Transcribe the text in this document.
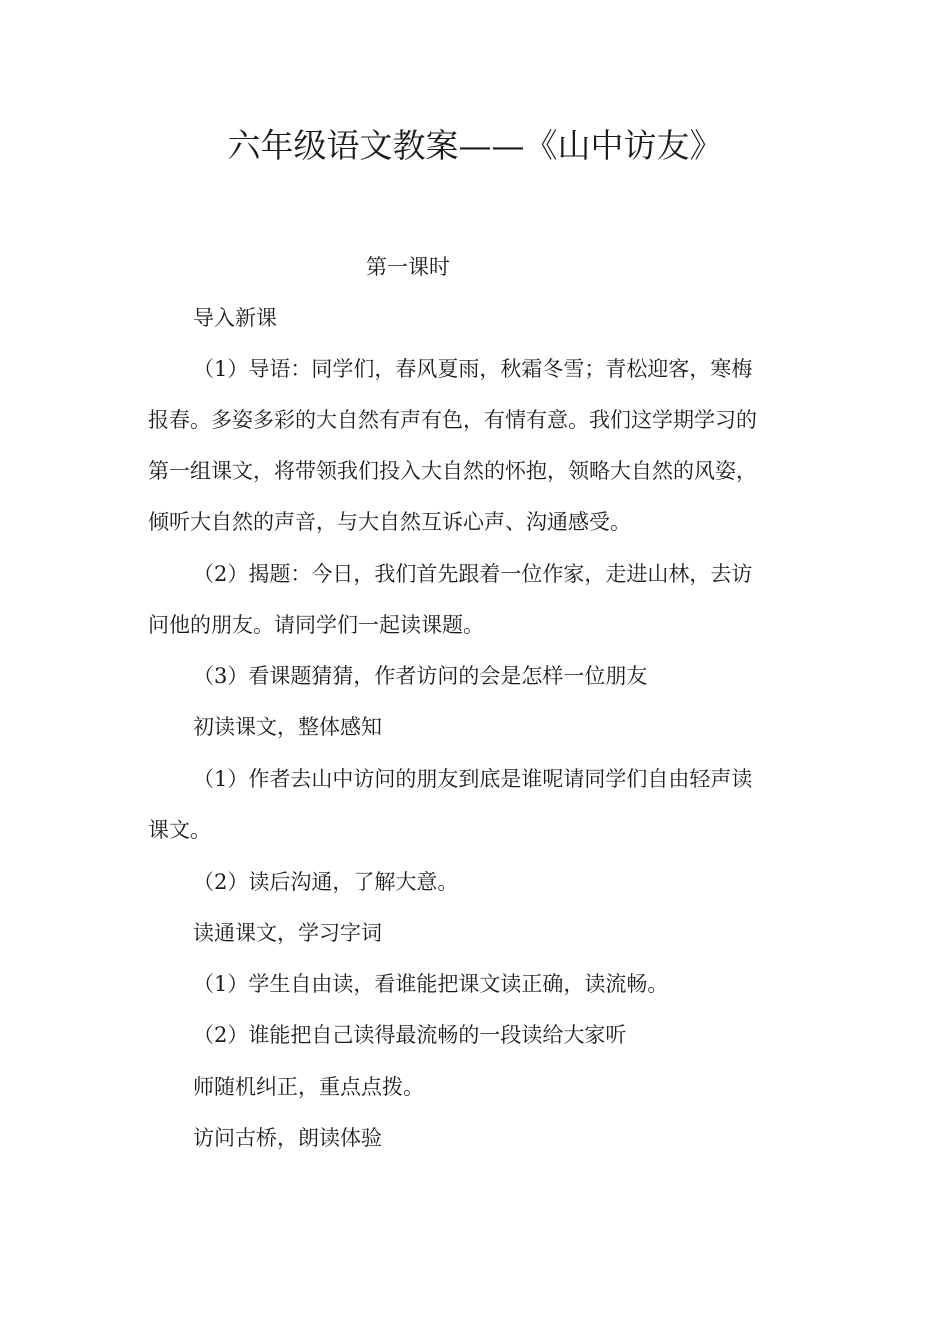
六年级语文教案——《山中访友》
第一课时
导入新课
（1）导语：同学们，春风夏雨，秋霜冬雪；青松迎客，寒梅
报春。多姿多彩的大自然有声有色，有情有意。我们这学期学习的
第一组课文，将带领我们投入大自然的怀抱，领略大自然的风姿，
倾听大自然的声音，与大自然互诉心声、沟通感受。
（2）揭题：今日，我们首先跟着一位作家，走进山林，去访
问他的朋友。请同学们一起读课题。
（3）看课题猜猜，作者访问的会是怎样一位朋友
初读课文，整体感知
（1）作者去山中访问的朋友到底是谁呢请同学们自由轻声读
课文。
（2）读后沟通，了解大意。
读通课文，学习字词
（1）学生自由读，看谁能把课文读正确，读流畅。
（2）谁能把自己读得最流畅的一段读给大家听
师随机纠正，重点点拨。
访问古桥，朗读体验
